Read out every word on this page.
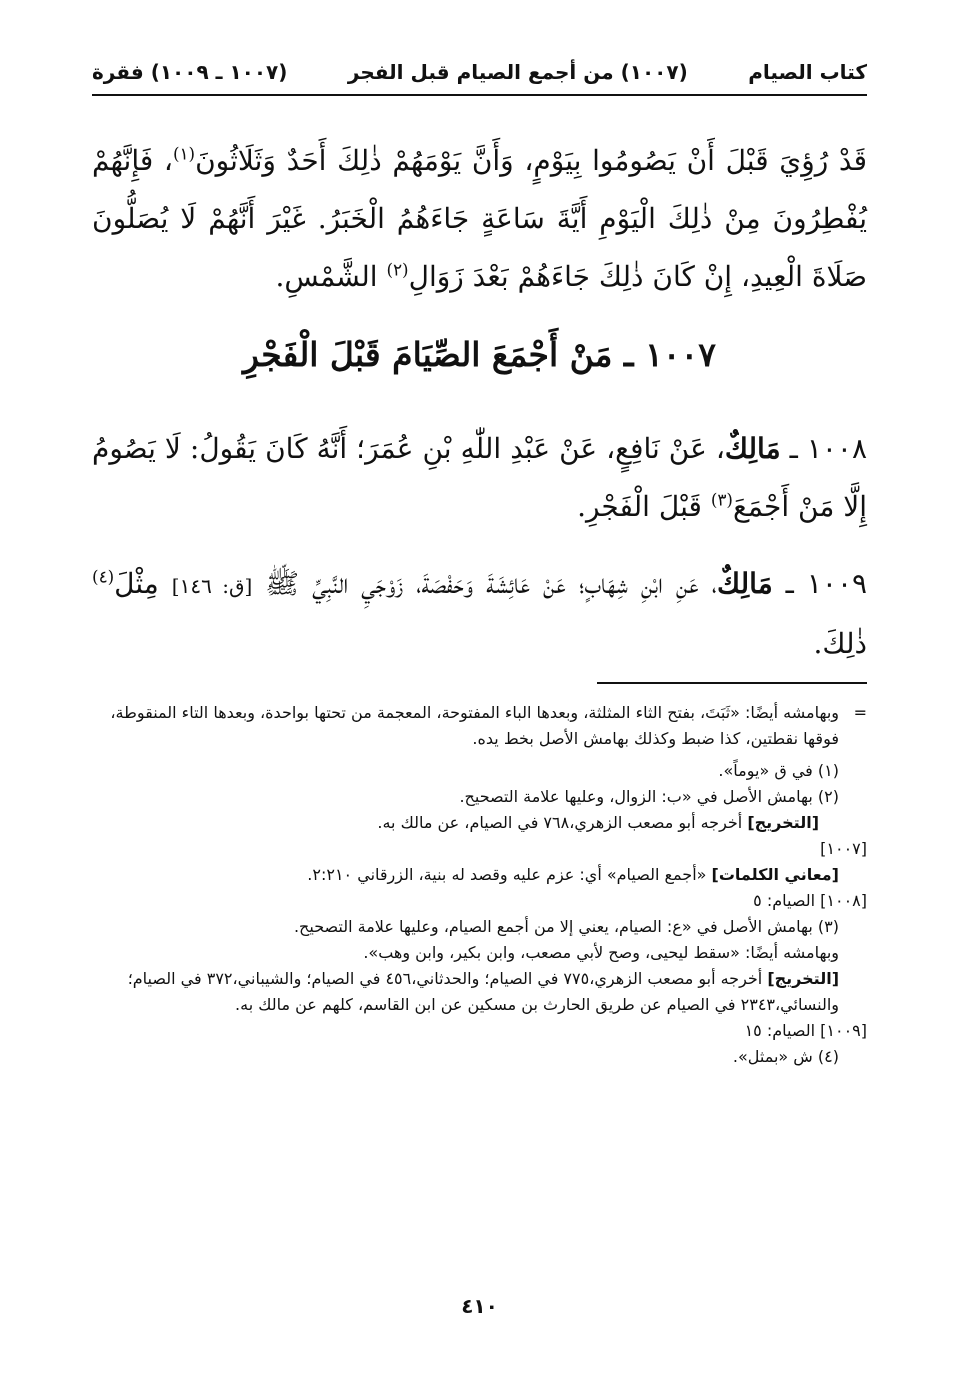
كتاب الصيام
(١٠٠٧) من أجمع الصيام قبل الفجر
(١٠٠٧ ـ ١٠٠٩) فقرة
قَدْ رُؤِيَ قَبْلَ أَنْ يَصُومُوا بِيَوْمٍ، وَأَنَّ يَوْمَهُمْ ذٰلِكَ أَحَدٌ وَثَلَاثُونَ$^{(١)}$، فَإِنَّهُمْ يُفْطِرُونَ مِنْ ذٰلِكَ الْيَوْمِ أَيَّةَ سَاعَةٍ جَاءَهُمُ الْخَبَرُ. غَيْرَ أَنَّهُمْ لَا يُصَلُّونَ صَلَاةَ الْعِيدِ، إِنْ كَانَ ذٰلِكَ جَاءَهُمْ بَعْدَ زَوَالِ$^{(٢)}$ الشَّمْسِ.
١٠٠٧ ـ مَنْ أَجْمَعَ الصِّيَامَ قَبْلَ الْفَجْرِ
١٠٠٨ ـ مَالِكٌ، عَنْ نَافِعٍ، عَنْ عَبْدِ اللّٰهِ بْنِ عُمَرَ؛ أَنَّهُ كَانَ يَقُولُ: لَا يَصُومُ إِلَّا مَنْ أَجْمَعَ$^{(٣)}$ قَبْلَ الْفَجْرِ.
١٠٠٩ ـ مَالِكٌ، عَنِ ابْنِ شِهَابٍ؛ عَنْ عَائِشَةَ وَحَفْصَةَ، زَوْجَيِ النَّبِيِّ ﷺ [ق: ١٤٦] مِثْلَ$^{(٤)}$ ذٰلِكَ.

=
وبهامشه أيضًا: «ثَبَتَ، بفتح الثاء المثلثة، وبعدها الباء المفتوحة، المعجمة من تحتها بواحدة، وبعدها التاء المنقوطة، فوقها نقطتين، كذا ضبط وكذلك بهامش الأصل بخط يده.

(١) في ق «يوماً».

(٢) بهامش الأصل في «ب: الزوال، وعليها علامة التصحيح.

[التخريج] أخرجه أبو مصعب الزهري،٧٦٨ في الصيام، عن مالك به.

[١٠٠٧]

[معاني الكلمات] «أجمع الصيام» أي: عزم عليه وقصد له بنية، الزرقاني ٢:٢١٠.

[١٠٠٨] الصيام: ٥

(٣) بهامش الأصل في «ع: الصيام، يعني إلا من أجمع الصيام، وعليها علامة التصحيح.

وبهامشه أيضًا: «سقط ليحيى، وصح لأبي مصعب، وابن بكير، وابن وهب».

[التخريج] أخرجه أبو مصعب الزهري،٧٧٥ في الصيام؛ والحدثاني،٤٥٦ في الصيام؛ والشيباني،٣٧٢ في الصيام؛ والنسائي،٢٣٤٣ في الصيام عن طريق الحارث بن مسكين عن ابن القاسم، كلهم عن مالك به.

[١٠٠٩] الصيام: ١٥

(٤) ش «بمثل».

٤١٠
